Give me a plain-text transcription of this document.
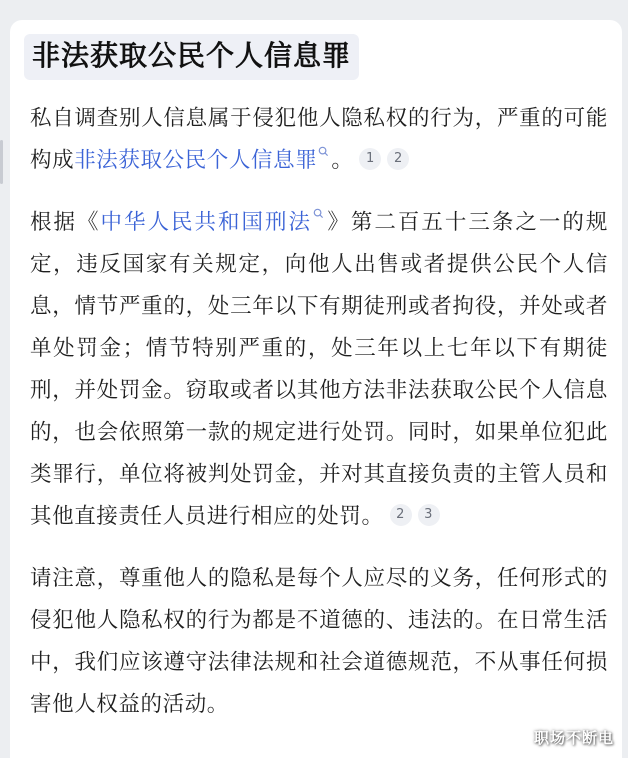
非法获取公民个人信息罪

私自调查别人信息属于侵犯他人隐私权的行为，严重的可能构成非法获取公民个人信息罪 。 1 2

根据《中华人民共和国刑法 》第二百五十三条之一的规定，违反国家有关规定，向他人出售或者提供公民个人信息，情节严重的，处三年以下有期徒刑或者拘役，并处或者单处罚金；情节特别严重的，处三年以上七年以下有期徒刑，并处罚金。窃取或者以其他方法非法获取公民个人信息的，也会依照第一款的规定进行处罚。同时，如果单位犯此类罪行，单位将被判处罚金，并对其直接负责的主管人员和其他直接责任人员进行相应的处罚。 2 3

请注意，尊重他人的隐私是每个人应尽的义务，任何形式的侵犯他人隐私权的行为都是不道德的、违法的。在日常生活中，我们应该遵守法律法规和社会道德规范，不从事任何损害他人权益的活动。

职场不断电
